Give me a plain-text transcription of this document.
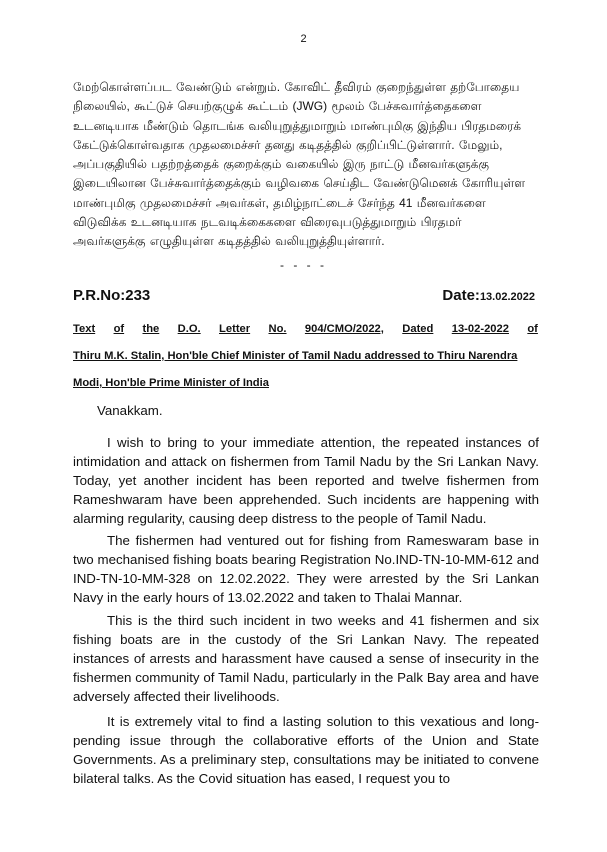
2
மேற்கொள்ளப்பட வேண்டும் என்றும். கோவிட் தீவிரம் குறைந்துள்ள தற்போதைய
நிலையில், கூட்டுச் செயற்குழுக் கூட்டம் (JWG) மூலம் பேச்சுவார்த்தைகளை
உடனடியாக மீண்டும் தொடங்க வலியுறுத்துமாறும் மாண்புமிகு இந்திய பிரதமரைக்
கேட்டுக்கொள்வதாக முதலமைச்சர் தனது கடிதத்தில் குறிப்பிட்டுள்ளார். மேலும்,
அப்பகுதியில் பதற்றத்தைக் குறைக்கும் வகையில் இரு நாட்டு மீனவர்களுக்கு
இடையிலான பேச்சுவார்த்தைக்கும் வழிவகை செய்திட வேண்டுமெனக் கோரியுள்ள
மாண்புமிகு முதலமைச்சர் அவர்கள், தமிழ்நாட்டைச் சேர்ந்த 41 மீனவர்களை
விடுவிக்க உடனடியாக நடவடிக்கைகளை விரைவுபடுத்துமாறும் பிரதமர்
அவர்களுக்கு எழுதியுள்ள கடிதத்தில் வலியுறுத்தியுள்ளார்.
- - - -
P.R.No:233	Date:13.02.2022
Text of the D.O. Letter No. 904/CMO/2022, Dated 13-02-2022 of
Thiru M.K. Stalin, Hon'ble Chief Minister of Tamil Nadu addressed to Thiru Narendra
Modi, Hon'ble Prime Minister of India
Vanakkam.

I wish to bring to your immediate attention, the repeated instances of intimidation and attack on fishermen from Tamil Nadu by the Sri Lankan Navy. Today, yet another incident has been reported and twelve fishermen from Rameshwaram have been apprehended. Such incidents are happening with alarming regularity, causing deep distress to the people of Tamil Nadu.

The fishermen had ventured out for fishing from Rameswaram base in two mechanised fishing boats bearing Registration No.IND-TN-10-MM-612 and IND-TN-10-MM-328 on 12.02.2022. They were arrested by the Sri Lankan Navy in the early hours of 13.02.2022 and taken to Thalai Mannar.

This is the third such incident in two weeks and 41 fishermen and six fishing boats are in the custody of the Sri Lankan Navy. The repeated instances of arrests and harassment have caused a sense of insecurity in the fishermen community of Tamil Nadu, particularly in the Palk Bay area and have adversely affected their livelihoods.

It is extremely vital to find a lasting solution to this vexatious and long-pending issue through the collaborative efforts of the Union and State Governments. As a preliminary step, consultations may be initiated to convene bilateral talks. As the Covid situation has eased, I request you to
